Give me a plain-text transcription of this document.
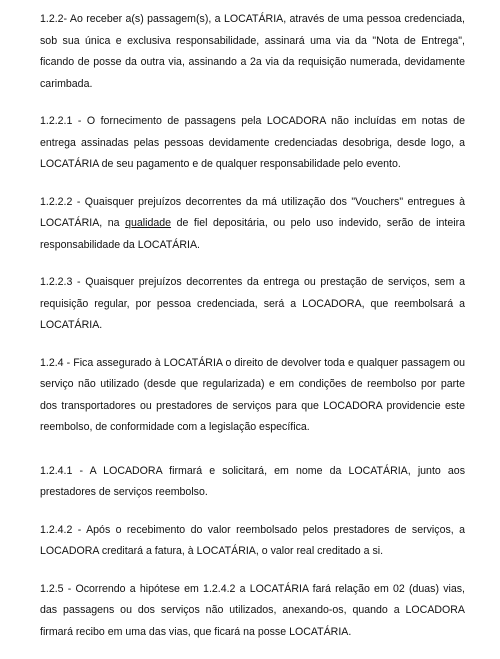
1.2.2- Ao receber a(s) passagem(s), a LOCATÁRIA, através de uma pessoa credenciada, sob sua única e exclusiva responsabilidade, assinará uma via da "Nota de Entrega", ficando de posse da outra via, assinando a 2a via da requisição numerada, devidamente carimbada.

1.2.2.1 - O fornecimento de passagens pela LOCADORA não incluídas em notas de entrega assinadas pelas pessoas devidamente credenciadas desobriga, desde logo, a LOCATÁRIA de seu pagamento e de qualquer responsabilidade pelo evento.

1.2.2.2 - Quaisquer prejuízos decorrentes da má utilização dos "Vouchers" entregues à LOCATÁRIA, na qualidade de fiel depositária, ou pelo uso indevido, serão de inteira responsabilidade da LOCATÁRIA.

1.2.2.3 - Quaisquer prejuízos decorrentes da entrega ou prestação de serviços, sem a requisição regular, por pessoa credenciada, será a LOCADORA, que reembolsará a LOCATÁRIA.

1.2.4 - Fica assegurado à LOCATÁRIA o direito de devolver toda e qualquer passagem ou serviço não utilizado (desde que regularizada) e em condições de reembolso por parte dos transportadores ou prestadores de serviços para que LOCADORA providencie este reembolso, de conformidade com a legislação específica.

1.2.4.1 - A LOCADORA firmará e solicitará, em nome da LOCATÁRIA, junto aos prestadores de serviços reembolso.

1.2.4.2 - Após o recebimento do valor reembolsado pelos prestadores de serviços, a LOCADORA creditará a fatura, à LOCATÁRIA, o valor real creditado a si.

1.2.5 - Ocorrendo a hipótese em 1.2.4.2 a LOCATÁRIA fará relação em 02 (duas) vias, das passagens ou dos serviços não utilizados, anexando-os, quando a LOCADORA firmará recibo em uma das vias, que ficará na posse LOCATÁRIA.
